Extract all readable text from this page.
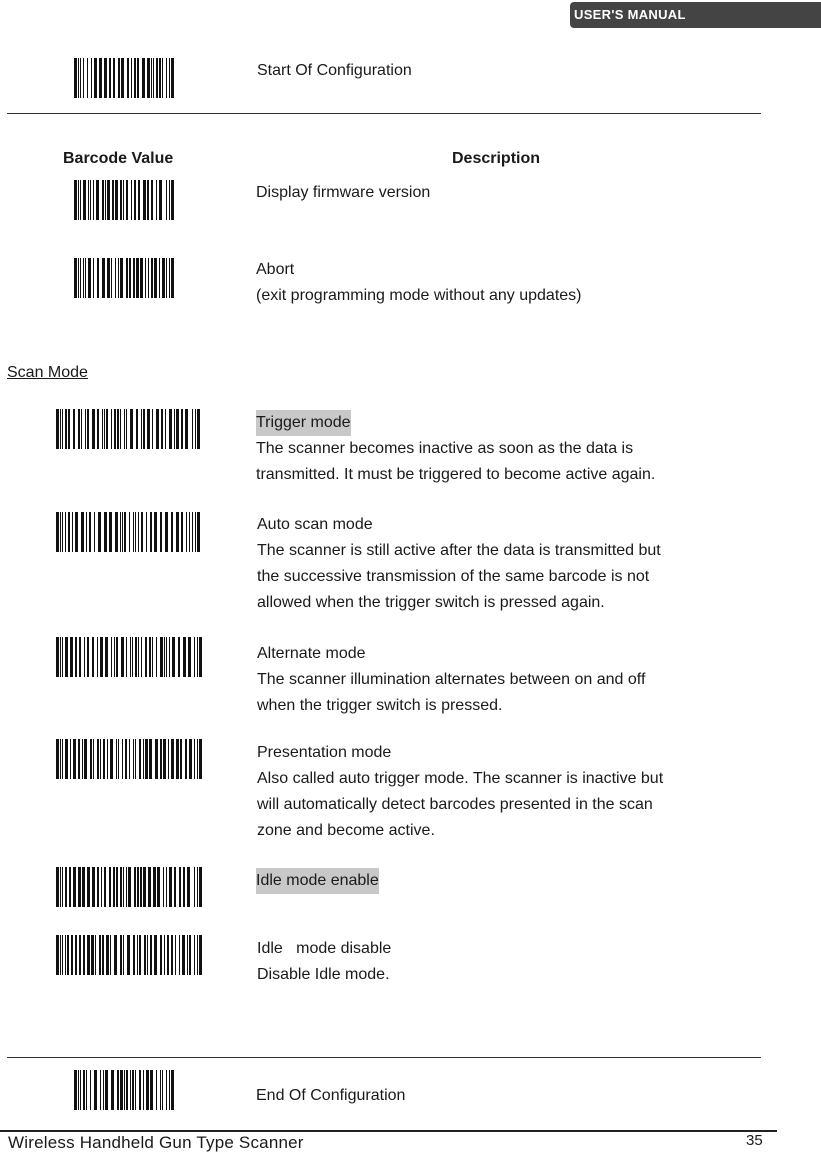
USER'S MANUAL
Start Of Configuration
Barcode Value	Description
Display firmware version
Abort
(exit programming mode without any updates)
Scan Mode
Trigger mode
The scanner becomes inactive as soon as the data is
transmitted. It must be triggered to become active again.
Auto scan mode
The scanner is still active after the data is transmitted but
the successive transmission of the same barcode is not
allowed when the trigger switch is pressed again.
Alternate mode
The scanner illumination alternates between on and off
when the trigger switch is pressed.
Presentation mode
Also called auto trigger mode. The scanner is inactive but
will automatically detect barcodes presented in the scan
zone and become active.
Idle mode enable
Idle   mode disable
Disable Idle mode.
End Of Configuration
Wireless Handheld Gun Type Scanner	35
